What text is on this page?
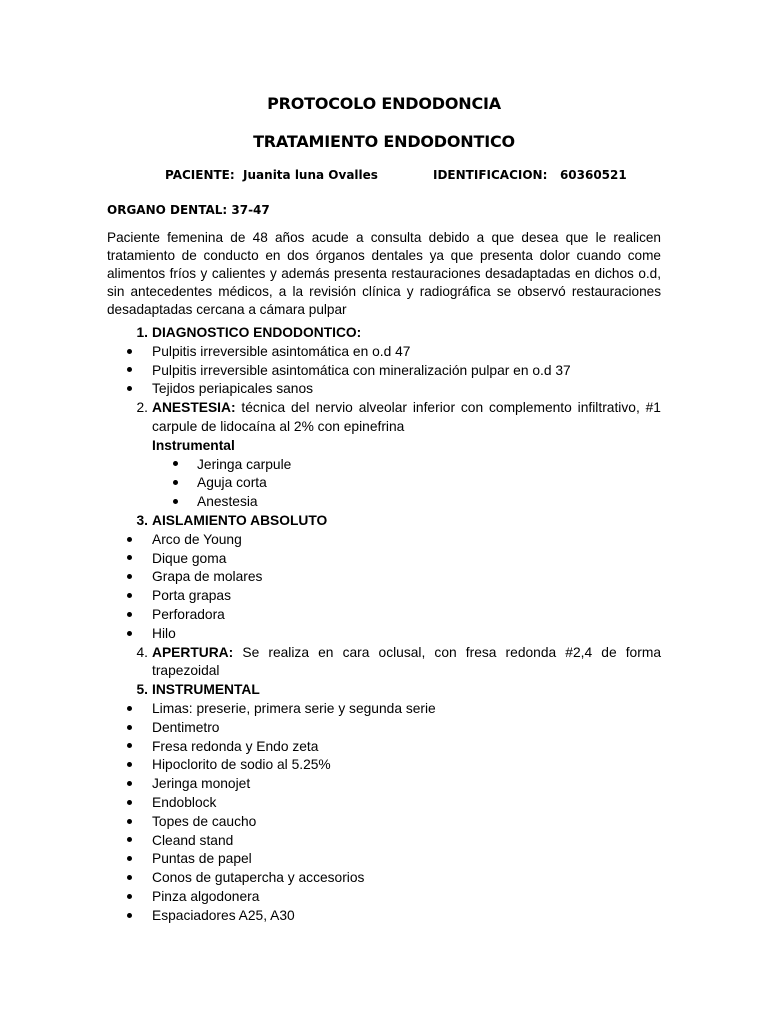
PROTOCOLO ENDODONCIA
TRATAMIENTO ENDODONTICO
PACIENTE: Juanita luna Ovalles	IDENTIFICACION: 60360521
ORGANO DENTAL: 37-47
Paciente femenina de 48 años acude a consulta debido a que desea que le realicen tratamiento de conducto en dos órganos dentales ya que presenta dolor cuando come alimentos fríos y calientes y además presenta restauraciones desadaptadas en dichos o.d, sin antecedentes médicos, a la revisión clínica y radiográfica se observó restauraciones desadaptadas cercana a cámara pulpar
1. DIAGNOSTICO ENDODONTICO:
Pulpitis irreversible asintomática en o.d 47
Pulpitis irreversible asintomática con mineralización pulpar en o.d 37
Tejidos periapicales sanos
2. ANESTESIA: técnica del nervio alveolar inferior con complemento infiltrativo, #1 carpule de lidocaína al 2% con epinefrina
Instrumental
Jeringa carpule
Aguja corta
Anestesia
3. AISLAMIENTO ABSOLUTO
Arco de Young
Dique goma
Grapa de molares
Porta grapas
Perforadora
Hilo
4. APERTURA: Se realiza en cara oclusal, con fresa redonda #2,4 de forma trapezoidal
5. INSTRUMENTAL
Limas: preserie, primera serie y segunda serie
Dentimetro
Fresa redonda y Endo zeta
Hipoclorito de sodio al 5.25%
Jeringa monojet
Endoblock
Topes de caucho
Cleand stand
Puntas de papel
Conos de gutapercha y accesorios
Pinza algodonera
Espaciadores A25, A30
